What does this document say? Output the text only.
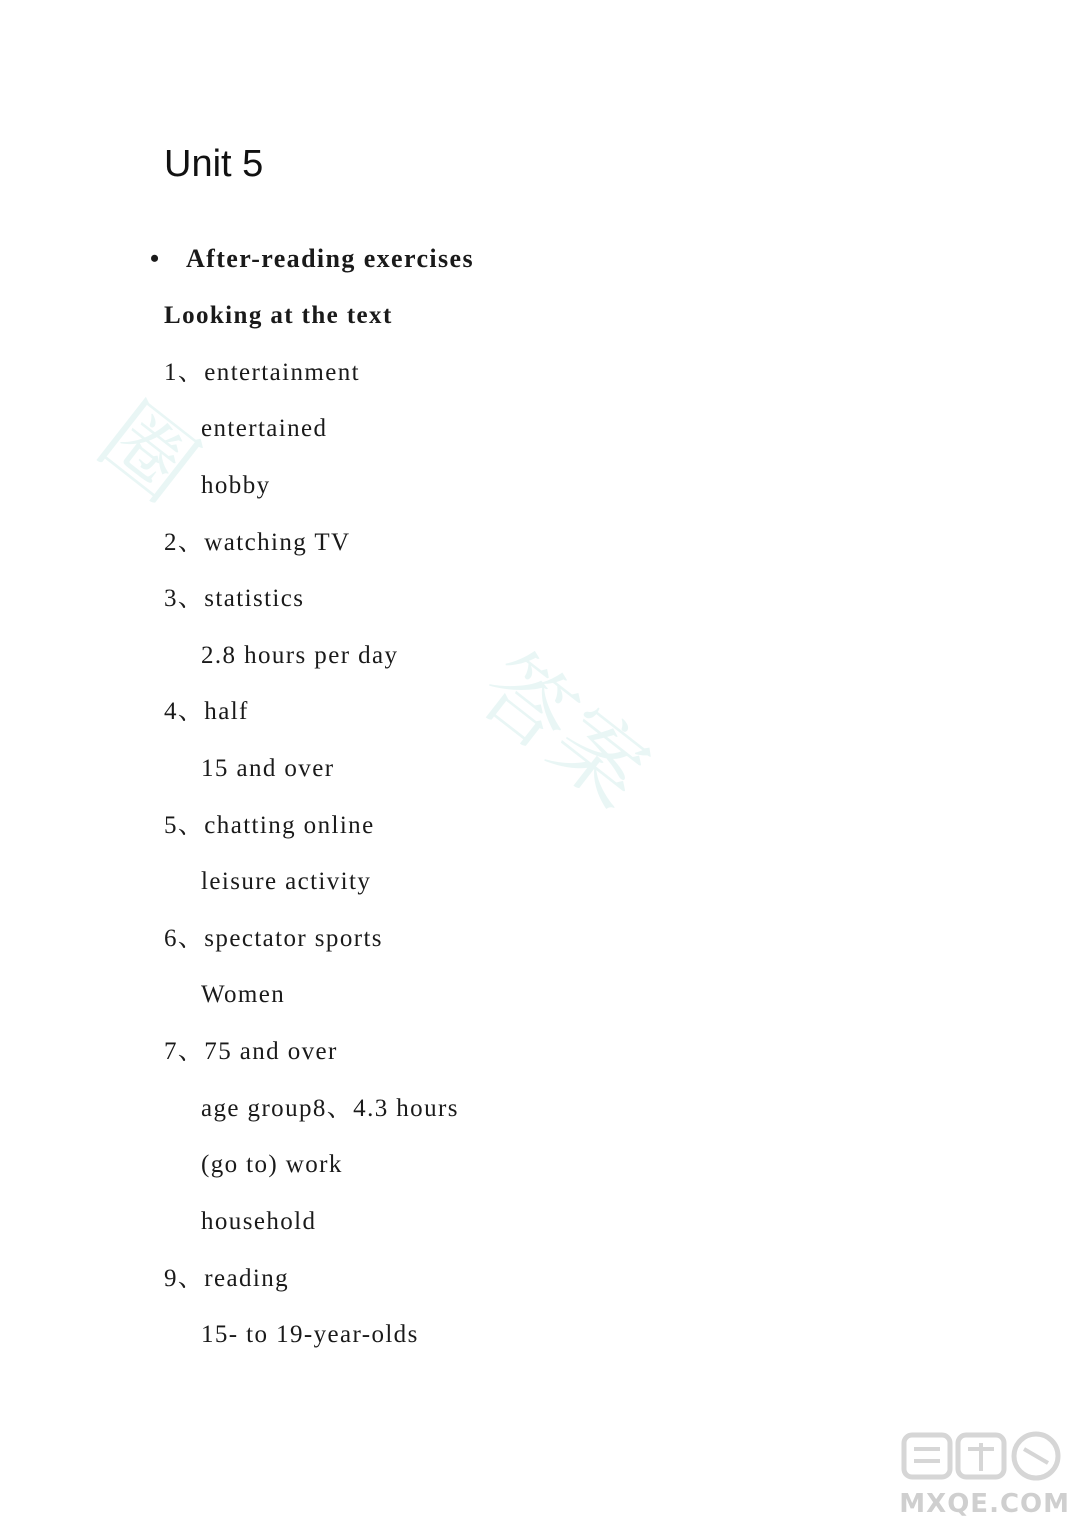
答案
圈
Unit 5
• After-reading exercises
Looking at the text
1、entertainment
entertained
hobby
2、watching TV
3、statistics
2.8 hours per day
4、half
15 and over
5、chatting online
leisure activity
6、spectator sports
Women
7、75 and over
age group8、4.3 hours
(go to) work
household
9、reading
15- to 19-year-olds
MXQE.COM
